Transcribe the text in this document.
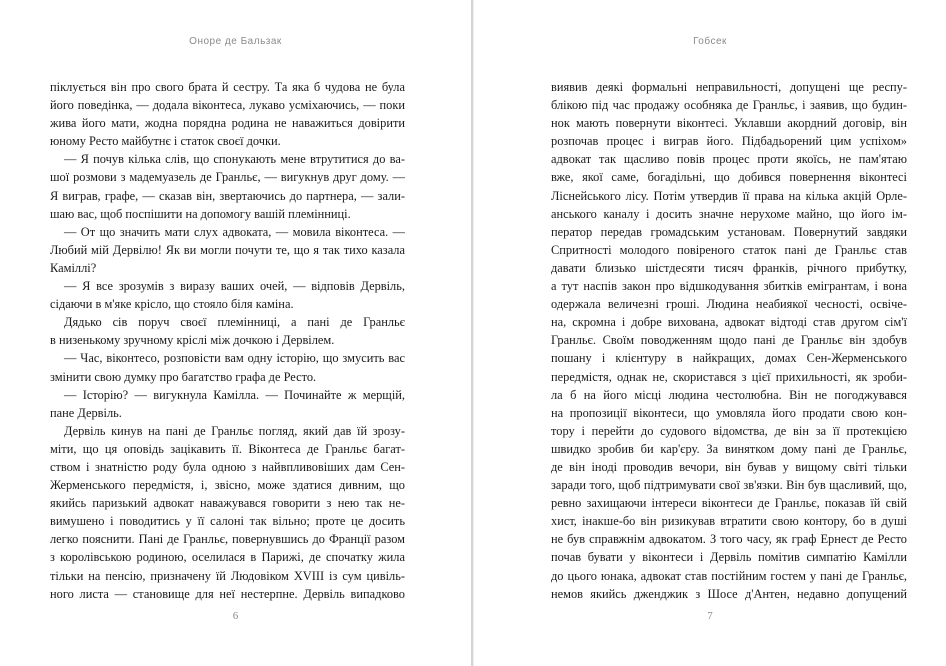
Оноре де Бальзак
піклується він про свого брата й сестру. Та яка б чудова не була
його поведінка, — додала віконтеса, лукаво усміхаючись, — поки
жива його мати, жодна порядна родина не наважиться довірити
юному Ресто майбутнє і статок своєї дочки.
— Я почув кілька слів, що спонукають мене втрутитися до ва-
шої розмови з мадемуазель де Гранльє, — вигукнув друг дому. —
Я виграв, графе, — сказав він, звертаючись до партнера, — зали-
шаю вас, щоб поспішити на допомогу вашій племінниці.
— От що значить мати слух адвоката, — мовила віконтеса. —
Любий мій Дервілю! Як ви могли почути те, що я так тихо казала
Каміллі?
— Я все зрозумів з виразу ваших очей, — відповів Дервіль,
сідаючи в м'яке крісло, що стояло біля каміна.
Дядько сів поруч своєї племінниці, а пані де Гранльє
в низенькому зручному кріслі між дочкою і Дервілем.
— Час, віконтесо, розповісти вам одну історію, що змусить вас
змінити свою думку про багатство графа де Ресто.
— Історію? — вигукнула Камілла. — Починайте ж мерщій,
пане Дервіль.
Дервіль кинув на пані де Гранльє погляд, який дав їй зрозу-
міти, що ця оповідь зацікавить її. Віконтеса де Гранльє багат-
ством і знатністю роду була одною з найвпливовіших дам Сен-
Жерменського передмістя, і, звісно, може здатися дивним, що
якийсь паризький адвокат наважувався говорити з нею так не-
вимушено і поводитись у її салоні так вільно; проте це досить
легко пояснити. Пані де Гранльє, повернувшись до Франції разом
з королівською родиною, оселилася в Парижі, де спочатку жила
тільки на пенсію, призначену їй Людовіком XVIII із сум цивіль-
ного листа — становище для неї нестерпне. Дервіль випадково
6
Гобсек
виявив деякі формальні неправильності, допущені ще респу-
блікою під час продажу особняка де Гранльє, і заявив, що будин-
нок мають повернути віконтесі. Уклавши акордний договір, він
розпочав процес і виграв його. Підбадьорений цим успіхом»
адвокат так щасливо повів процес проти якоїсь, не пам'ятаю
вже, якої саме, богадільні, що добився повернення віконтесі
Ліснейського лісу. Потім утвердив її права на кілька акцій Орле-
анського каналу і досить значне нерухоме майно, що його ім-
ператор передав громадським установам. Повернутий завдяки
Спритності молодого повіреного статок пані де Гранльє став
давати близько шістдесяти тисяч франків, річного прибутку,
а тут наспів закон про відшкодування збитків емігрантам, і вона
одержала величезні гроші. Людина неабиякої чесності, освіче-
на, скромна і добре вихована, адвокат відтоді став другом сім'ї
Гранльє. Своїм поводженням щодо пані де Гранльє він здобув
пошану і клієнтуру в найкращих, домах Сен-Жерменського
передмістя, однак не, скористався з цієї прихильності, як зроби-
ла б на його місці людина честолюбна. Він не погоджувався
на пропозиції віконтеси, що умовляла його продати свою кон-
тору і перейти до судового відомства, де він за її протекцією
швидко зробив би кар'єру. За винятком дому пані де Гранльє,
де він іноді проводив вечори, він бував у вищому світі тільки
заради того, щоб підтримувати свої зв'язки. Він був щасливий, що,
ревно захищаючи інтереси віконтеси де Гранльє, показав їй свій
хист, інакше-бо він ризикував втратити свою контору, бо в душі
не був справжнім адвокатом. З того часу, як граф Ернест де Ресто
почав бувати у віконтеси і Дервіль помітив симпатію Камілли
до цього юнака, адвокат став постійним гостем у пані де Гранльє,
немов якийсь дженджик з Шосе д'Антен, недавно допущений
7
